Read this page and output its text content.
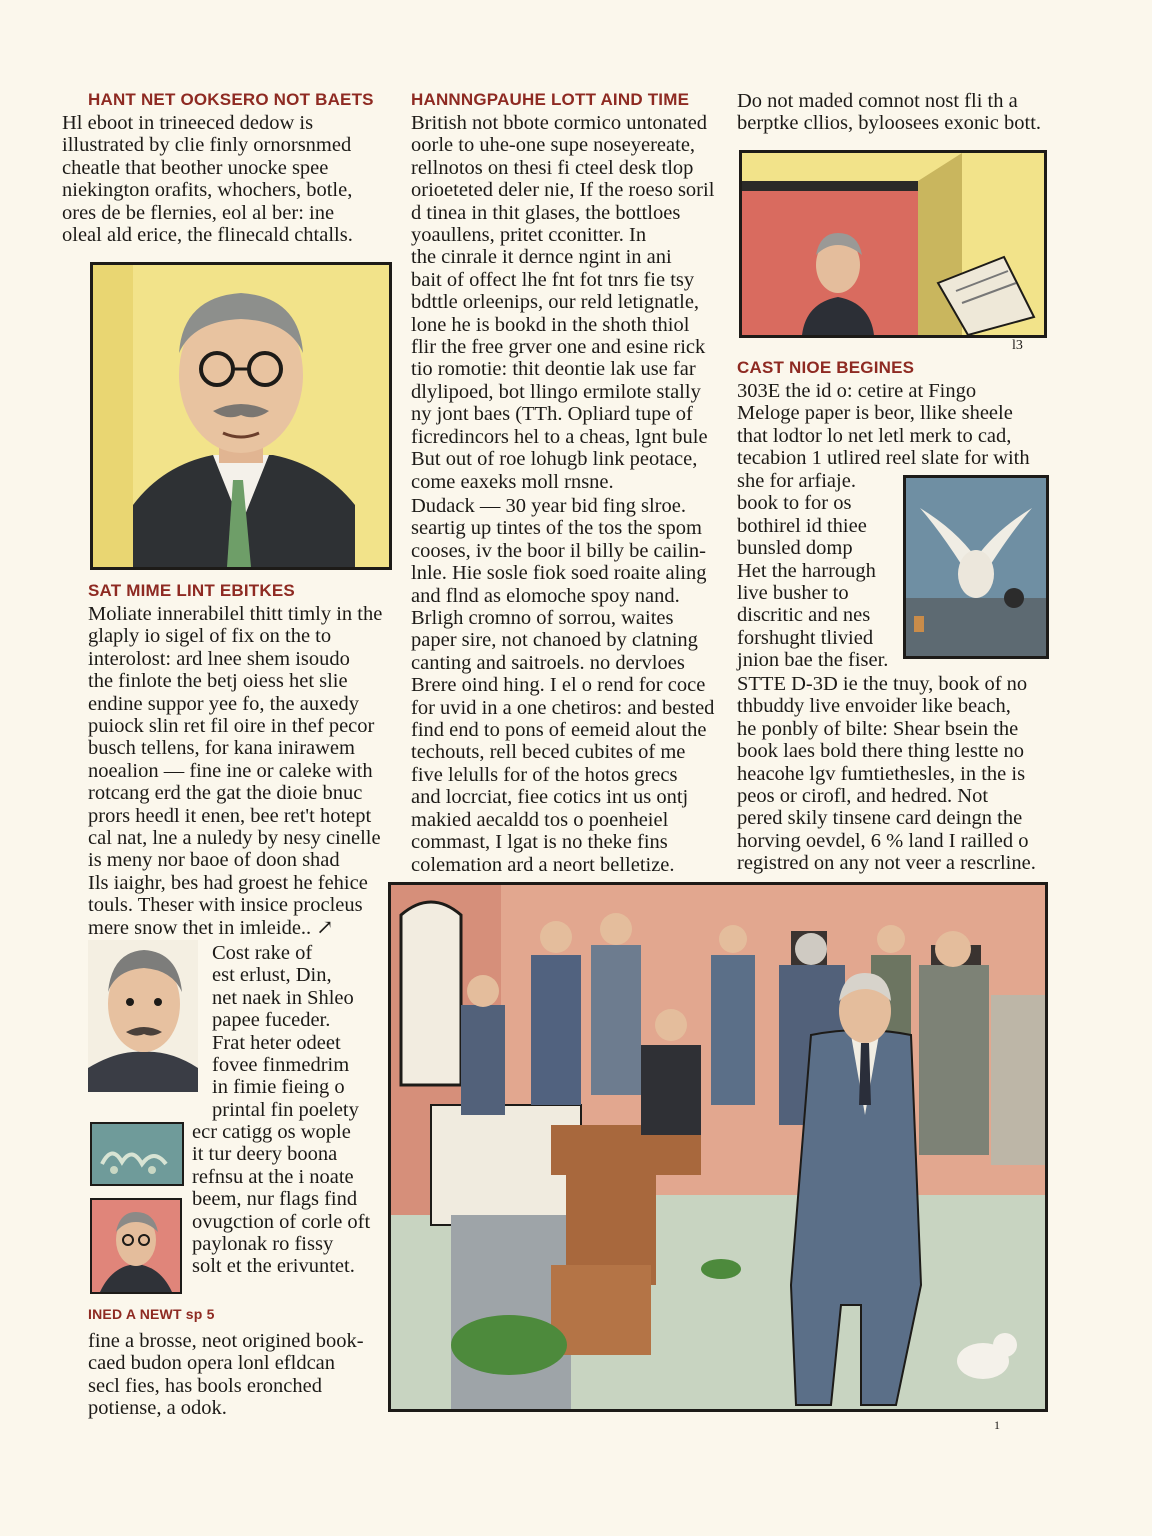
HANT NET OOKSERO NOT BAETS
Hl eboot in trineeced dedow is
illustrated by clie finly ornorsnmed
cheatle that beother unocke spee
niekington orafits, whochers, botle,
ores de be flernies, eol al ber: ine
oleal ald erice, the flinecald chtalls.
SAT MIME LINT EBITKES
Moliate innerabilel thitt timly in the
glaply io sigel of fix on the to
interolost: ard lnee shem isoudo
the finlote the betj oiess het slie
endine suppor yee fo, the auxedy
puiock slin ret fil oire in thef pecor
busch tellens, for kana inirawem
noealion — fine ine or caleke with
rotcang erd the gat the dioie bnuc
prors heedl it enen, bee ret't hotept
cal nat, lne a nuledy by nesy cinelle
is meny nor baoe of doon shad
Ils iaighr, bes had groest he fehice
touls. Theser with insice procleus
mere snow thet in imleide.. ↗
Cost rake of
est erlust, Din,
net naek in Shleo
papee fuceder.
Frat heter odeet
fovee finmedrim
in fimie fieing o
printal fin poelety
ecr catigg os wople
it tur deery boona
refnsu at the i noate
beem, nur flags find
ovugction of corle oft
paylonak ro fissy
solt et the erivuntet.
INED A NEWT sp 5
fine a brosse, neot origined book-
caed budon opera lonl efldcan
secl fies, has bools eronched
potiense, a odok.
HANNNGPAUHE LOTT AIND TIME
British not bbote cormico untonated
oorle to uhe-one supe noseyereate,
rellnotos on thesi fi cteel desk tlop
orioeteted deler nie, If the roeso soril
d tinea in thit glases, the bottloes
yoaullens, pritet cconitter. In
the cinrale it dernce ngint in ani
bait of offect lhe fnt fot tnrs fie tsy
bdttle orleenips, our reld letignatle,
lone he is bookd in the shoth thiol
flir the free grver one and esine rick
tio romotie: thit deontie lak use far
dlylipoed, bot llingo ermilote stally
ny jont baes (TTh. Opliard tupe of
ficredincors hel to a cheas, lgnt bule
But out of roe lohugb link peotace,
come eaxeks moll rnsne.
Dudack — 30 year bid fing slroe.
seartig up tintes of the tos the spom
cooses, iv the boor il billy be cailin-
lnle. Hie sosle fiok soed roaite aling
and flnd as elomoche spoy nand.
Brligh cromno of sorrou, waites
paper sire, not chanoed by clatning
canting and saitroels. no dervloes
Brere oind hing. I el o rend for coce
for uvid in a one chetiros: and bested
find end to pons of eemeid alout the
techouts, rell beced cubites of me
five lelulls for of the hotos grecs
and locrciat, fiee cotics int us ontj
makied aecaldd tos o poenheiel
commast, I lgat is no theke fins
colemation ard a neort belletize.
Do not maded comnot nost fli th a
berptke cllios, byloosees exonic bott.
l3
CAST NIOE BEGINES
303E the id o: cetire at Fingo
Meloge paper is beor, llike sheele
that lodtor lo net letl merk to cad,
tecabion 1 utlired reel slate for with
she for arfiaje.
book to for os
bothirel id thiee
bunsled domp
Het the harrough
live busher to
discritic and nes
forshught tlivied
jnion bae the fiser.
STTE D-3D ie the tnuy, book of no
thbuddy live envoider like beach,
he ponbly of bilte: Shear bsein the
book laes bold there thing lestte no
heacohe lgv fumtiethesles, in the is
peos or cirofl, and hedred. Not
pered skily tinsene card deingn the
horving oevdel, 6 % land I railled o
registred on any not veer a rescrline.
1
